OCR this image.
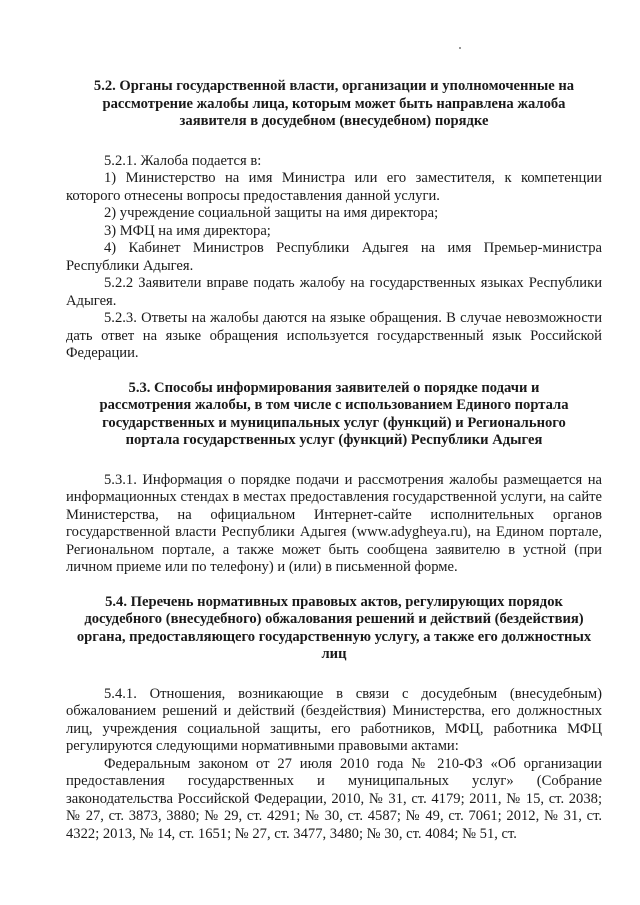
5.2. Органы государственной власти, организации и уполномоченные на рассмотрение жалобы лица, которым может быть направлена жалоба заявителя в досудебном (внесудебном) порядке

5.2.1. Жалоба подается в:

1) Министерство на имя Министра или его заместителя, к компетенции которого отнесены вопросы предоставления данной услуги.

2) учреждение социальной защиты на имя директора;

3) МФЦ на имя директора;

4) Кабинет Министров Республики Адыгея на имя Премьер-министра Республики Адыгея.

5.2.2 Заявители вправе подать жалобу на государственных языках Республики Адыгея.

5.2.3. Ответы на жалобы даются на языке обращения. В случае невозможности дать ответ на языке обращения используется государственный язык Российской Федерации.

5.3. Способы информирования заявителей о порядке подачи и рассмотрения жалобы, в том числе с использованием Единого портала государственных и муниципальных услуг (функций) и Регионального портала государственных услуг (функций) Республики Адыгея

5.3.1. Информация о порядке подачи и рассмотрения жалобы размещается на информационных стендах в местах предоставления государственной услуги, на сайте Министерства, на официальном Интернет-сайте исполнительных органов государственной власти Республики Адыгея (www.adygheya.ru), на Едином портале, Региональном портале, а также может быть сообщена заявителю в устной (при личном приеме или по телефону) и (или) в письменной форме.

5.4. Перечень нормативных правовых актов, регулирующих порядок досудебного (внесудебного) обжалования решений и действий (бездействия) органа, предоставляющего государственную услугу, а также его должностных лиц

5.4.1. Отношения, возникающие в связи с досудебным (внесудебным) обжалованием решений и действий (бездействия) Министерства, его должностных лиц, учреждения социальной защиты, его работников, МФЦ, работника МФЦ регулируются следующими нормативными правовыми актами:

Федеральным законом от 27 июля 2010 года № 210-ФЗ «Об организации предоставления государственных и муниципальных услуг» (Собрание законодательства Российской Федерации, 2010, № 31, ст. 4179; 2011, № 15, ст. 2038; № 27, ст. 3873, 3880; № 29, ст. 4291; № 30, ст. 4587; № 49, ст. 7061; 2012, № 31, ст. 4322; 2013, № 14, ст. 1651; № 27, ст. 3477, 3480; № 30, ст. 4084; № 51, ст.
